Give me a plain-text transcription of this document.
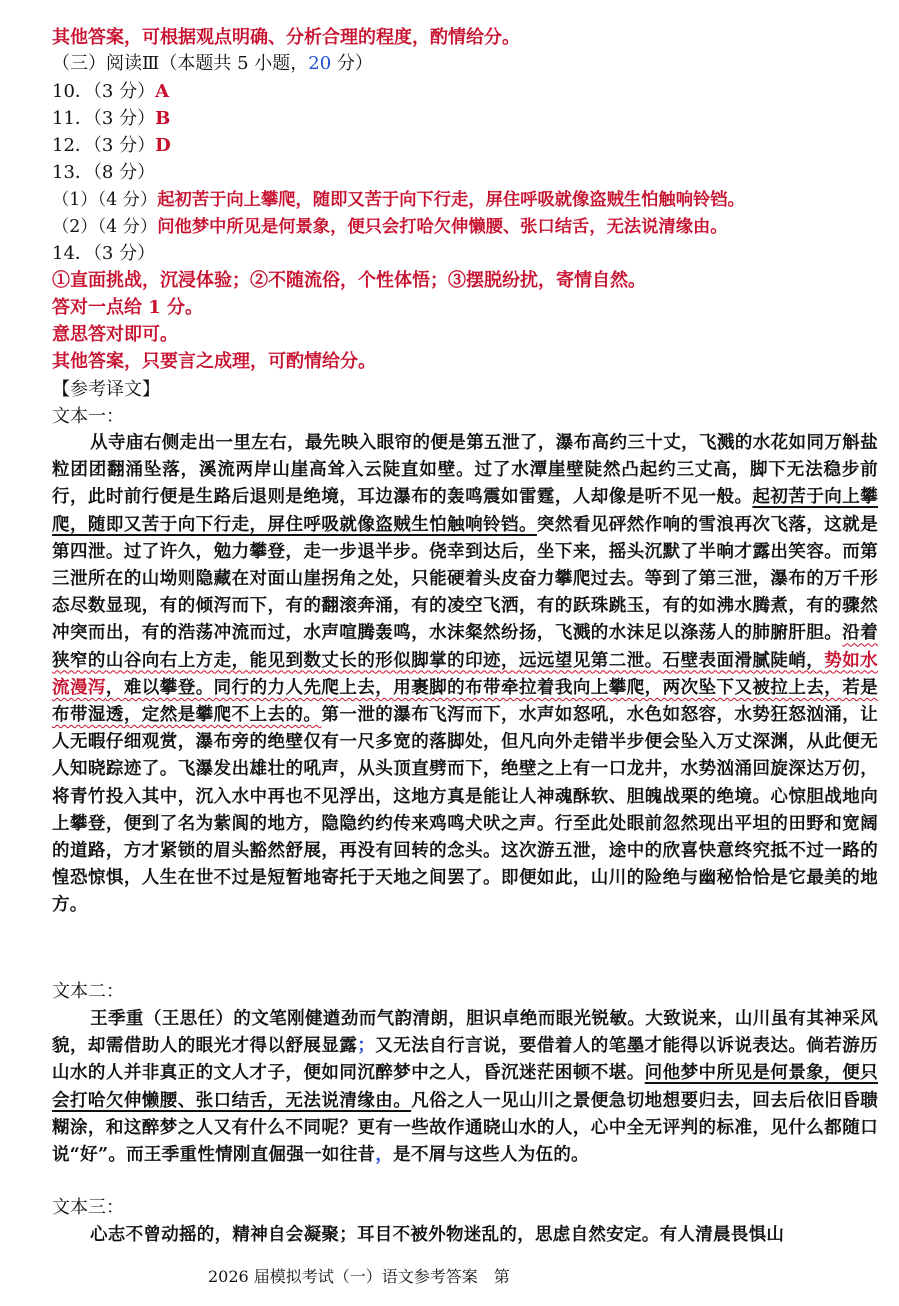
其他答案，可根据观点明确、分析合理的程度，酌情给分。
（三）阅读Ⅲ（本题共 5 小题，20 分）
10．（3 分）A
11．（3 分）B
12．（3 分）D
13．（8 分）
（1）（4 分）起初苦于向上攀爬，随即又苦于向下行走，屏住呼吸就像盗贼生怕触响铃铛。
（2）（4 分）问他梦中所见是何景象，便只会打哈欠伸懒腰、张口结舌，无法说清缘由。
14．（3 分）
①直面挑战，沉浸体验；②不随流俗，个性体悟；③摆脱纷扰，寄情自然。
答对一点给 1 分。
意思答对即可。
其他答案，只要言之成理，可酌情给分。
【参考译文】
文本一：
从寺庙右侧走出一里左右，最先映入眼帘的便是第五泄了，瀑布高约三十丈，飞溅的水花如同万斛盐粒团团翻涌坠落，溪流两岸山崖高耸入云陡直如壁。过了水潭崖壁陡然凸起约三丈高，脚下无法稳步前行，此时前行便是生路后退则是绝境，耳边瀑布的轰鸣震如雷霆，人却像是听不见一般。起初苦于向上攀爬，随即又苦于向下行走，屏住呼吸就像盗贼生怕触响铃铛。突然看见砰然作响的雪浪再次飞落，这就是第四泄。过了许久，勉力攀登，走一步退半步。侥幸到达后，坐下来，摇头沉默了半晌才露出笑容。而第三泄所在的山坳则隐藏在对面山崖拐角之处，只能硬着头皮奋力攀爬过去。等到了第三泄，瀑布的万千形态尽数显现，有的倾泻而下，有的翻滚奔涌，有的凌空飞洒，有的跃珠跳玉，有的如沸水腾煮，有的骤然冲突而出，有的浩荡冲流而过，水声喧腾轰鸣，水沫粲然纷扬，飞溅的水沫足以涤荡人的肺腑肝胆。沿着狭窄的山谷向右上方走，能见到数丈长的形似脚掌的印迹，远远望见第二泄。石壁表面滑腻陡峭，势如水流漫泻，难以攀登。同行的力人先爬上去，用裹脚的布带牵拉着我向上攀爬，两次坠下又被拉上去，若是布带湿透，定然是攀爬不上去的。第一泄的瀑布飞泻而下，水声如怒吼，水色如怒容，水势狂怒汹涌，让人无暇仔细观赏，瀑布旁的绝壁仅有一尺多宽的落脚处，但凡向外走错半步便会坠入万丈深渊，从此便无人知晓踪迹了。飞瀑发出雄壮的吼声，从头顶直劈而下，绝壁之上有一口龙井，水势汹涌回旋深达万仞，将青竹投入其中，沉入水中再也不见浮出，这地方真是能让人神魂酥软、胆魄战栗的绝境。心惊胆战地向上攀登，便到了名为紫阆的地方，隐隐约约传来鸡鸣犬吠之声。行至此处眼前忽然现出平坦的田野和宽阔的道路，方才紧锁的眉头豁然舒展，再没有回转的念头。这次游五泄，途中的欣喜快意终究抵不过一路的惶恐惊惧，人生在世不过是短暂地寄托于天地之间罢了。即便如此，山川的险绝与幽秘恰恰是它最美的地方。
文本二：
王季重（王思任）的文笔刚健遒劲而气韵清朗，胆识卓绝而眼光锐敏。大致说来，山川虽有其神采风貌，却需借助人的眼光才得以舒展显露；又无法自行言说，要借着人的笔墨才能得以诉说表达。倘若游历山水的人并非真正的文人才子，便如同沉醉梦中之人，昏沉迷茫困顿不堪。问他梦中所见是何景象，便只会打哈欠伸懒腰、张口结舌，无法说清缘由。凡俗之人一见山川之景便急切地想要归去，回去后依旧昏聩糊涂，和这醉梦之人又有什么不同呢？更有一些故作通晓山水的人，心中全无评判的标准，见什么都随口说“好”。而王季重性情刚直倔强一如往昔，是不屑与这些人为伍的。
文本三：
心志不曾动摇的，精神自会凝聚；耳目不被外物迷乱的，思虑自然安定。有人清晨畏惧山
2026 届模拟考试（一）语文参考答案　第
